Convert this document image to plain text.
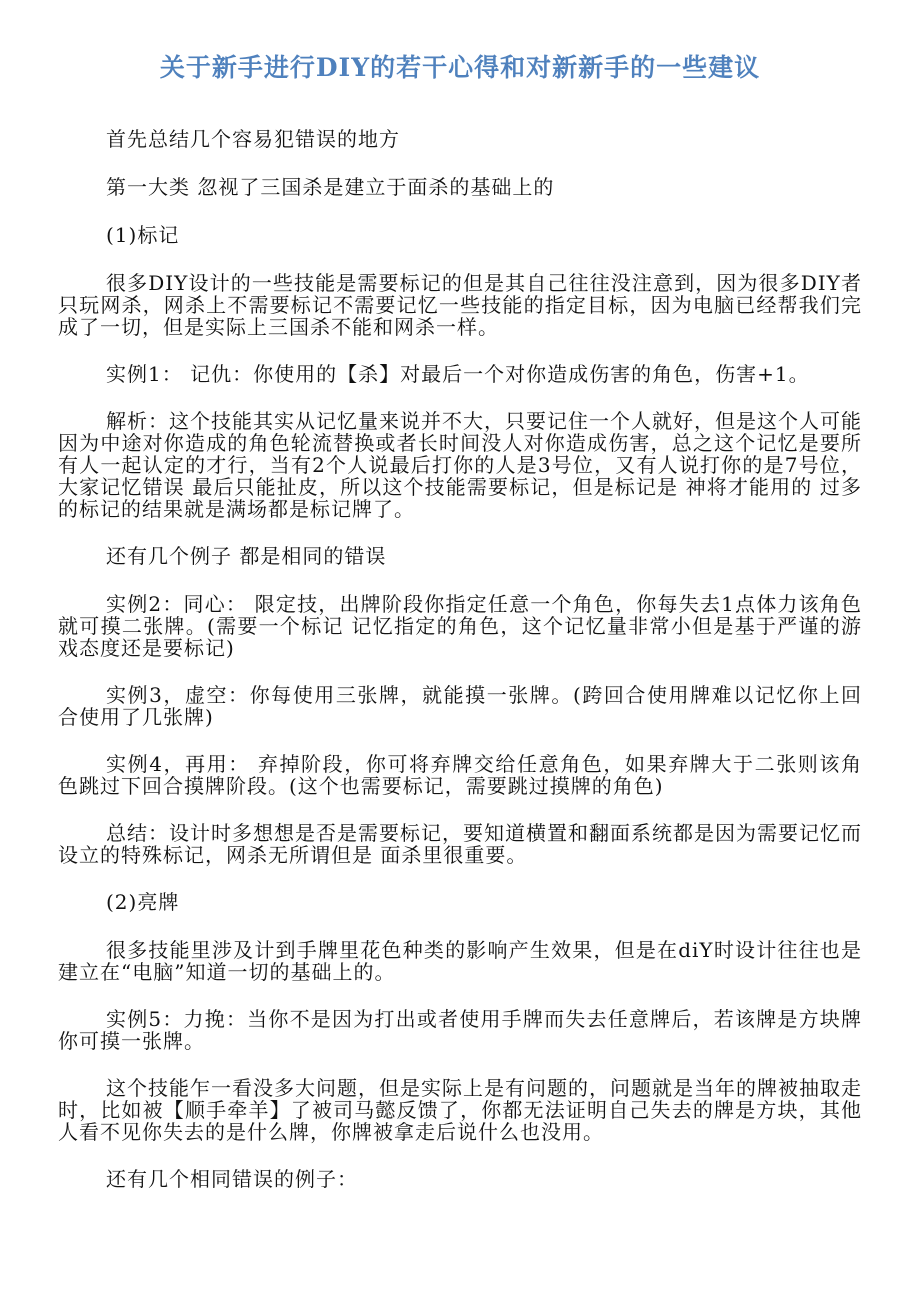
关于新手进行DIY的若干心得和对新新手的一些建议

首先总结几个容易犯错误的地方

第一大类 忽视了三国杀是建立于面杀的基础上的

(1)标记

很多DIY设计的一些技能是需要标记的但是其自己往往没注意到，因为很多DIY者只玩网杀，网杀上不需要标记不需要记忆一些技能的指定目标，因为电脑已经帮我们完成了一切，但是实际上三国杀不能和网杀一样。

实例1： 记仇：你使用的【杀】对最后一个对你造成伤害的角色，伤害+1。

解析：这个技能其实从记忆量来说并不大，只要记住一个人就好，但是这个人可能因为中途对你造成的角色轮流替换或者长时间没人对你造成伤害，总之这个记忆是要所有人一起认定的才行，当有2个人说最后打你的人是3号位，又有人说打你的是7号位，大家记忆错误 最后只能扯皮，所以这个技能需要标记，但是标记是 神将才能用的 过多的标记的结果就是满场都是标记牌了。

还有几个例子 都是相同的错误

实例2：同心： 限定技，出牌阶段你指定任意一个角色，你每失去1点体力该角色就可摸二张牌。(需要一个标记 记忆指定的角色，这个记忆量非常小但是基于严谨的游戏态度还是要标记)

实例3，虚空：你每使用三张牌，就能摸一张牌。(跨回合使用牌难以记忆你上回合使用了几张牌)

实例4，再用： 弃掉阶段，你可将弃牌交给任意角色，如果弃牌大于二张则该角色跳过下回合摸牌阶段。(这个也需要标记，需要跳过摸牌的角色)

总结：设计时多想想是否是需要标记，要知道横置和翻面系统都是因为需要记忆而设立的特殊标记，网杀无所谓但是 面杀里很重要。

(2)亮牌

很多技能里涉及计到手牌里花色种类的影响产生效果，但是在diY时设计往往也是建立在“电脑”知道一切的基础上的。

实例5：力挽：当你不是因为打出或者使用手牌而失去任意牌后，若该牌是方块牌你可摸一张牌。

这个技能乍一看没多大问题，但是实际上是有问题的，问题就是当年的牌被抽取走时，比如被【顺手牵羊】了被司马懿反馈了，你都无法证明自己失去的牌是方块，其他人看不见你失去的是什么牌，你牌被拿走后说什么也没用。

还有几个相同错误的例子：
